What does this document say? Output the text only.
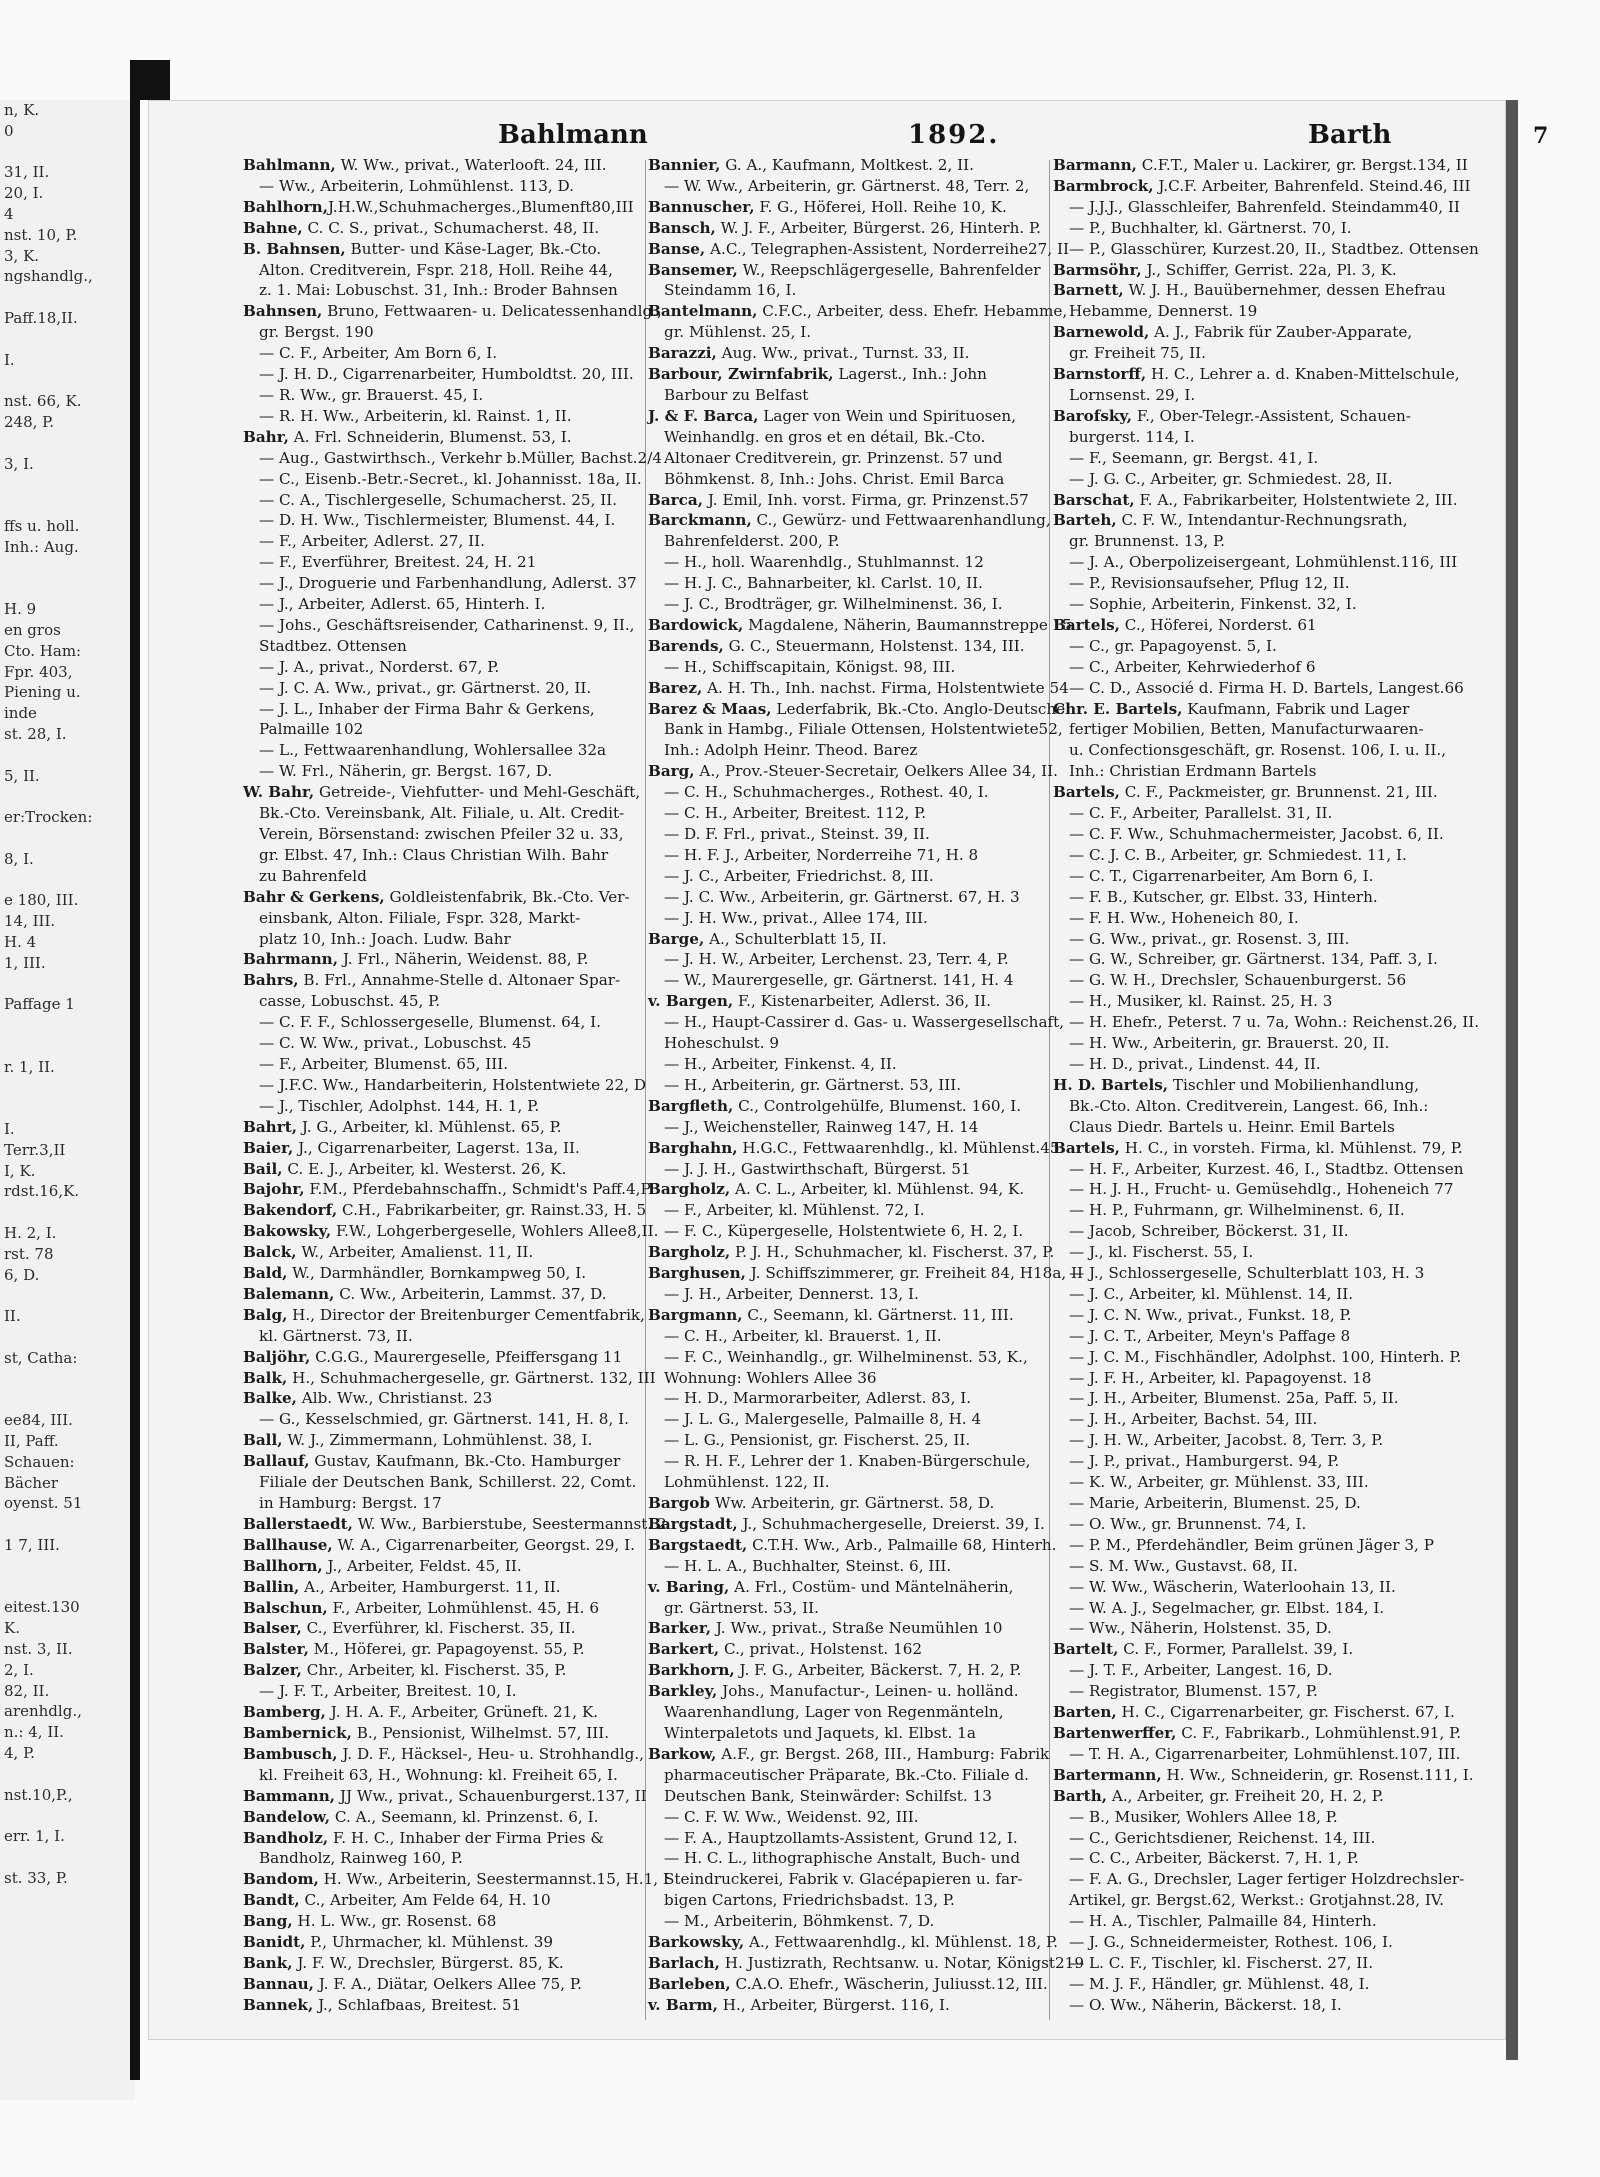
n, K.
0

31, II.
20, I.
4
nst. 10, P.
3, K.
ngshandlg.,

Paff.18,II.

I.

nst. 66, K.
248, P.

3, I.

ffs u. holl.
Inh.: Aug.

H. 9
en gros
Cto. Ham:
Fpr. 403,
Piening u.
inde
st. 28, I.

5, II.

er:Trocken:

8, I.

e 180, III.
14, III.
H. 4
1, III.

Paffage 1

r. 1, II.

I.
Terr.3,II
I, K.
rdst.16,K.

H. 2, I.
rst. 78
6, D.

II.

st, Catha:

ee84, III.
II, Paff.
Schauen:
Bächer
oyenst. 51

1 7, III.

eitest.130
K.
nst. 3, II.
2, I.
82, II.
arenhdlg.,
n.: 4, II.
4, P.

nst.10,P.,

err. 1, I.

st. 33, P.
Bahlmann	1892.	Barth	7
Bahlmann, W. Ww., privat., Waterlooft. 24, III.
— Ww., Arbeiterin, Lohmühlenst. 113, D.
Bahlhorn,J.H.W.,Schuhmacherges.,Blumenft80,III
Bahne, C. C. S., privat., Schumacherst. 48, II.
B. Bahnsen, Butter- und Käse-Lager, Bk.-Cto.
Alton. Creditverein, Fspr. 218, Holl. Reihe 44,
z. 1. Mai: Lobuschst. 31, Inh.: Broder Bahnsen
Bahnsen, Bruno, Fettwaaren- u. Delicatessenhandlg.,
gr. Bergst. 190
— C. F., Arbeiter, Am Born 6, I.
— J. H. D., Cigarrenarbeiter, Humboldtst. 20, III.
— R. Ww., gr. Brauerst. 45, I.
— R. H. Ww., Arbeiterin, kl. Rainst. 1, II.
Bahr, A. Frl. Schneiderin, Blumenst. 53, I.
— Aug., Gastwirthsch., Verkehr b.Müller, Bachst.2/4
— C., Eisenb.-Betr.-Secret., kl. Johannisst. 18a, II.
— C. A., Tischlergeselle, Schumacherst. 25, II.
— D. H. Ww., Tischlermeister, Blumenst. 44, I.
— F., Arbeiter, Adlerst. 27, II.
— F., Everführer, Breitest. 24, H. 21
— J., Droguerie und Farbenhandlung, Adlerst. 37
— J., Arbeiter, Adlerst. 65, Hinterh. I.
— Johs., Geschäftsreisender, Catharinenst. 9, II.,
Stadtbez. Ottensen
— J. A., privat., Norderst. 67, P.
— J. C. A. Ww., privat., gr. Gärtnerst. 20, II.
— J. L., Inhaber der Firma Bahr & Gerkens,
Palmaille 102
— L., Fettwaarenhandlung, Wohlersallee 32a
— W. Frl., Näherin, gr. Bergst. 167, D.
W. Bahr, Getreide-, Viehfutter- und Mehl-Geschäft,
Bk.-Cto. Vereinsbank, Alt. Filiale, u. Alt. Credit-
Verein, Börsenstand: zwischen Pfeiler 32 u. 33,
gr. Elbst. 47, Inh.: Claus Christian Wilh. Bahr
zu Bahrenfeld
Bahr & Gerkens, Goldleistenfabrik, Bk.-Cto. Ver-
einsbank, Alton. Filiale, Fspr. 328, Markt-
platz 10, Inh.: Joach. Ludw. Bahr
Bahrmann, J. Frl., Näherin, Weidenst. 88, P.
Bahrs, B. Frl., Annahme-Stelle d. Altonaer Spar-
casse, Lobuschst. 45, P.
— C. F. F., Schlossergeselle, Blumenst. 64, I.
— C. W. Ww., privat., Lobuschst. 45
— F., Arbeiter, Blumenst. 65, III.
— J.F.C. Ww., Handarbeiterin, Holstentwiete 22, D
— J., Tischler, Adolphst. 144, H. 1, P.
Bahrt, J. G., Arbeiter, kl. Mühlenst. 65, P.
Baier, J., Cigarrenarbeiter, Lagerst. 13a, II.
Bail, C. E. J., Arbeiter, kl. Westerst. 26, K.
Bajohr, F.M., Pferdebahnschaffn., Schmidt's Paff.4,P
Bakendorf, C.H., Fabrikarbeiter, gr. Rainst.33, H. 5
Bakowsky, F.W., Lohgerbergeselle, Wohlers Allee8,II.
Balck, W., Arbeiter, Amalienst. 11, II.
Bald, W., Darmhändler, Bornkampweg 50, I.
Balemann, C. Ww., Arbeiterin, Lammst. 37, D.
Balg, H., Director der Breitenburger Cementfabrik,
kl. Gärtnerst. 73, II.
Baljöhr, C.G.G., Maurergeselle, Pfeiffersgang 11
Balk, H., Schuhmachergeselle, gr. Gärtnerst. 132, III
Balke, Alb. Ww., Christianst. 23
— G., Kesselschmied, gr. Gärtnerst. 141, H. 8, I.
Ball, W. J., Zimmermann, Lohmühlenst. 38, I.
Ballauf, Gustav, Kaufmann, Bk.-Cto. Hamburger
Filiale der Deutschen Bank, Schillerst. 22, Comt.
in Hamburg: Bergst. 17
Ballerstaedt, W. Ww., Barbierstube, Seestermannst. 2
Ballhause, W. A., Cigarrenarbeiter, Georgst. 29, I.
Ballhorn, J., Arbeiter, Feldst. 45, II.
Ballin, A., Arbeiter, Hamburgerst. 11, II.
Balschun, F., Arbeiter, Lohmühlenst. 45, H. 6
Balser, C., Everführer, kl. Fischerst. 35, II.
Balster, M., Höferei, gr. Papagoyenst. 55, P.
Balzer, Chr., Arbeiter, kl. Fischerst. 35, P.
— J. F. T., Arbeiter, Breitest. 10, I.
Bamberg, J. H. A. F., Arbeiter, Grüneft. 21, K.
Bambernick, B., Pensionist, Wilhelmst. 57, III.
Bambusch, J. D. F., Häcksel-, Heu- u. Strohhandlg.,
kl. Freiheit 63, H., Wohnung: kl. Freiheit 65, I.
Bammann, JJ Ww., privat., Schauenburgerst.137, II
Bandelow, C. A., Seemann, kl. Prinzenst. 6, I.
Bandholz, F. H. C., Inhaber der Firma Pries &
Bandholz, Rainweg 160, P.
Bandom, H. Ww., Arbeiterin, Seestermannst.15, H.1, I
Bandt, C., Arbeiter, Am Felde 64, H. 10
Bang, H. L. Ww., gr. Rosenst. 68
Banidt, P., Uhrmacher, kl. Mühlenst. 39
Bank, J. F. W., Drechsler, Bürgerst. 85, K.
Bannau, J. F. A., Diätar, Oelkers Allee 75, P.
Bannek, J., Schlafbaas, Breitest. 51
Bannier, G. A., Kaufmann, Moltkest. 2, II.
— W. Ww., Arbeiterin, gr. Gärtnerst. 48, Terr. 2,
Bannuscher, F. G., Höferei, Holl. Reihe 10, K.
Bansch, W. J. F., Arbeiter, Bürgerst. 26, Hinterh. P.
Banse, A.C., Telegraphen-Assistent, Norderreihe27, II
Bansemer, W., Reepschlägergeselle, Bahrenfelder
Steindamm 16, I.
Bantelmann, C.F.C., Arbeiter, dess. Ehefr. Hebamme,
gr. Mühlenst. 25, I.
Barazzi, Aug. Ww., privat., Turnst. 33, II.
Barbour, Zwirnfabrik, Lagerst., Inh.: John
Barbour zu Belfast
J. & F. Barca, Lager von Wein und Spirituosen,
Weinhandlg. en gros et en détail, Bk.-Cto.
Altonaer Creditverein, gr. Prinzenst. 57 und
Böhmkenst. 8, Inh.: Johs. Christ. Emil Barca
Barca, J. Emil, Inh. vorst. Firma, gr. Prinzenst.57
Barckmann, C., Gewürz- und Fettwaarenhandlung,
Bahrenfelderst. 200, P.
— H., holl. Waarenhdlg., Stuhlmannst. 12
— H. J. C., Bahnarbeiter, kl. Carlst. 10, II.
— J. C., Brodträger, gr. Wilhelminenst. 36, I.
Bardowick, Magdalene, Näherin, Baumannstreppe 15
Barends, G. C., Steuermann, Holstenst. 134, III.
— H., Schiffscapitain, Königst. 98, III.
Barez, A. H. Th., Inh. nachst. Firma, Holstentwiete 54
Barez & Maas, Lederfabrik, Bk.-Cto. Anglo-Deutsche
Bank in Hambg., Filiale Ottensen, Holstentwiete52,
Inh.: Adolph Heinr. Theod. Barez
Barg, A., Prov.-Steuer-Secretair, Oelkers Allee 34, II.
— C. H., Schuhmacherges., Rothest. 40, I.
— C. H., Arbeiter, Breitest. 112, P.
— D. F. Frl., privat., Steinst. 39, II.
— H. F. J., Arbeiter, Norderreihe 71, H. 8
— J. C., Arbeiter, Friedrichst. 8, III.
— J. C. Ww., Arbeiterin, gr. Gärtnerst. 67, H. 3
— J. H. Ww., privat., Allee 174, III.
Barge, A., Schulterblatt 15, II.
— J. H. W., Arbeiter, Lerchenst. 23, Terr. 4, P.
— W., Maurergeselle, gr. Gärtnerst. 141, H. 4
v. Bargen, F., Kistenarbeiter, Adlerst. 36, II.
— H., Haupt-Cassirer d. Gas- u. Wassergesellschaft,
Hoheschulst. 9
— H., Arbeiter, Finkenst. 4, II.
— H., Arbeiterin, gr. Gärtnerst. 53, III.
Bargfleth, C., Controlgehülfe, Blumenst. 160, I.
— J., Weichensteller, Rainweg 147, H. 14
Barghahn, H.G.C., Fettwaarenhdlg., kl. Mühlenst.45
— J. J. H., Gastwirthschaft, Bürgerst. 51
Bargholz, A. C. L., Arbeiter, kl. Mühlenst. 94, K.
— F., Arbeiter, kl. Mühlenst. 72, I.
— F. C., Küpergeselle, Holstentwiete 6, H. 2, I.
Bargholz, P. J. H., Schuhmacher, kl. Fischerst. 37, P.
Barghusen, J. Schiffszimmerer, gr. Freiheit 84, H18a, II
— J. H., Arbeiter, Dennerst. 13, I.
Bargmann, C., Seemann, kl. Gärtnerst. 11, III.
— C. H., Arbeiter, kl. Brauerst. 1, II.
— F. C., Weinhandlg., gr. Wilhelminenst. 53, K.,
Wohnung: Wohlers Allee 36
— H. D., Marmorarbeiter, Adlerst. 83, I.
— J. L. G., Malergeselle, Palmaille 8, H. 4
— L. G., Pensionist, gr. Fischerst. 25, II.
— R. H. F., Lehrer der 1. Knaben-Bürgerschule,
Lohmühlenst. 122, II.
Bargob Ww. Arbeiterin, gr. Gärtnerst. 58, D.
Bargstadt, J., Schuhmachergeselle, Dreierst. 39, I.
Bargstaedt, C.T.H. Ww., Arb., Palmaille 68, Hinterh.
— H. L. A., Buchhalter, Steinst. 6, III.
v. Baring, A. Frl., Costüm- und Mäntelnäherin,
gr. Gärtnerst. 53, II.
Barker, J. Ww., privat., Straße Neumühlen 10
Barkert, C., privat., Holstenst. 162
Barkhorn, J. F. G., Arbeiter, Bäckerst. 7, H. 2, P.
Barkley, Johs., Manufactur-, Leinen- u. holländ.
Waarenhandlung, Lager von Regenmänteln,
Winterpaletots und Jaquets, kl. Elbst. 1a
Barkow, A.F., gr. Bergst. 268, III., Hamburg: Fabrik
pharmaceutischer Präparate, Bk.-Cto. Filiale d.
Deutschen Bank, Steinwärder: Schilfst. 13
— C. F. W. Ww., Weidenst. 92, III.
— F. A., Hauptzollamts-Assistent, Grund 12, I.
— H. C. L., lithographische Anstalt, Buch- und
Steindruckerei, Fabrik v. Glacépapieren u. far-
bigen Cartons, Friedrichsbadst. 13, P.
— M., Arbeiterin, Böhmkenst. 7, D.
Barkowsky, A., Fettwaarenhdlg., kl. Mühlenst. 18, P.
Barlach, H. Justizrath, Rechtsanw. u. Notar, Königst219
Barleben, C.A.O. Ehefr., Wäscherin, Juliusst.12, III.
v. Barm, H., Arbeiter, Bürgerst. 116, I.
Barmann, C.F.T., Maler u. Lackirer, gr. Bergst.134, II
Barmbrock, J.C.F. Arbeiter, Bahrenfeld. Steind.46, III
— J.J.J., Glasschleifer, Bahrenfeld. Steindamm40, II
— P., Buchhalter, kl. Gärtnerst. 70, I.
— P., Glasschürer, Kurzest.20, II., Stadtbez. Ottensen
Barmsöhr, J., Schiffer, Gerrist. 22a, Pl. 3, K.
Barnett, W. J. H., Bauübernehmer, dessen Ehefrau
Hebamme, Dennerst. 19
Barnewold, A. J., Fabrik für Zauber-Apparate,
gr. Freiheit 75, II.
Barnstorff, H. C., Lehrer a. d. Knaben-Mittelschule,
Lornsenst. 29, I.
Barofsky, F., Ober-Telegr.-Assistent, Schauen-
burgerst. 114, I.
— F., Seemann, gr. Bergst. 41, I.
— J. G. C., Arbeiter, gr. Schmiedest. 28, II.
Barschat, F. A., Fabrikarbeiter, Holstentwiete 2, III.
Barteh, C. F. W., Intendantur-Rechnungsrath,
gr. Brunnenst. 13, P.
— J. A., Oberpolizeisergeant, Lohmühlenst.116, III
— P., Revisionsaufseher, Pflug 12, II.
— Sophie, Arbeiterin, Finkenst. 32, I.
Bartels, C., Höferei, Norderst. 61
— C., gr. Papagoyenst. 5, I.
— C., Arbeiter, Kehrwiederhof 6
— C. D., Associé d. Firma H. D. Bartels, Langest.66
Chr. E. Bartels, Kaufmann, Fabrik und Lager
fertiger Mobilien, Betten, Manufacturwaaren-
u. Confectionsgeschäft, gr. Rosenst. 106, I. u. II.,
Inh.: Christian Erdmann Bartels
Bartels, C. F., Packmeister, gr. Brunnenst. 21, III.
— C. F., Arbeiter, Parallelst. 31, II.
— C. F. Ww., Schuhmachermeister, Jacobst. 6, II.
— C. J. C. B., Arbeiter, gr. Schmiedest. 11, I.
— C. T., Cigarrenarbeiter, Am Born 6, I.
— F. B., Kutscher, gr. Elbst. 33, Hinterh.
— F. H. Ww., Hoheneich 80, I.
— G. Ww., privat., gr. Rosenst. 3, III.
— G. W., Schreiber, gr. Gärtnerst. 134, Paff. 3, I.
— G. W. H., Drechsler, Schauenburgerst. 56
— H., Musiker, kl. Rainst. 25, H. 3
— H. Ehefr., Peterst. 7 u. 7a, Wohn.: Reichenst.26, II.
— H. Ww., Arbeiterin, gr. Brauerst. 20, II.
— H. D., privat., Lindenst. 44, II.
H. D. Bartels, Tischler und Mobilienhandlung,
Bk.-Cto. Alton. Creditverein, Langest. 66, Inh.:
Claus Diedr. Bartels u. Heinr. Emil Bartels
Bartels, H. C., in vorsteh. Firma, kl. Mühlenst. 79, P.
— H. F., Arbeiter, Kurzest. 46, I., Stadtbz. Ottensen
— H. J. H., Frucht- u. Gemüsehdlg., Hoheneich 77
— H. P., Fuhrmann, gr. Wilhelminenst. 6, II.
— Jacob, Schreiber, Böckerst. 31, II.
— J., kl. Fischerst. 55, I.
— J., Schlossergeselle, Schulterblatt 103, H. 3
— J. C., Arbeiter, kl. Mühlenst. 14, II.
— J. C. N. Ww., privat., Funkst. 18, P.
— J. C. T., Arbeiter, Meyn's Paffage 8
— J. C. M., Fischhändler, Adolphst. 100, Hinterh. P.
— J. F. H., Arbeiter, kl. Papagoyenst. 18
— J. H., Arbeiter, Blumenst. 25a, Paff. 5, II.
— J. H., Arbeiter, Bachst. 54, III.
— J. H. W., Arbeiter, Jacobst. 8, Terr. 3, P.
— J. P., privat., Hamburgerst. 94, P.
— K. W., Arbeiter, gr. Mühlenst. 33, III.
— Marie, Arbeiterin, Blumenst. 25, D.
— O. Ww., gr. Brunnenst. 74, I.
— P. M., Pferdehändler, Beim grünen Jäger 3, P
— S. M. Ww., Gustavst. 68, II.
— W. Ww., Wäscherin, Waterloohain 13, II.
— W. A. J., Segelmacher, gr. Elbst. 184, I.
— Ww., Näherin, Holstenst. 35, D.
Bartelt, C. F., Former, Parallelst. 39, I.
— J. T. F., Arbeiter, Langest. 16, D.
— Registrator, Blumenst. 157, P.
Barten, H. C., Cigarrenarbeiter, gr. Fischerst. 67, I.
Bartenwerffer, C. F., Fabrikarb., Lohmühlenst.91, P.
— T. H. A., Cigarrenarbeiter, Lohmühlenst.107, III.
Bartermann, H. Ww., Schneiderin, gr. Rosenst.111, I.
Barth, A., Arbeiter, gr. Freiheit 20, H. 2, P.
— B., Musiker, Wohlers Allee 18, P.
— C., Gerichtsdiener, Reichenst. 14, III.
— C. C., Arbeiter, Bäckerst. 7, H. 1, P.
— F. A. G., Drechsler, Lager fertiger Holzdrechsler-
Artikel, gr. Bergst.62, Werkst.: Grotjahnst.28, IV.
— H. A., Tischler, Palmaille 84, Hinterh.
— J. G., Schneidermeister, Rothest. 106, I.
— L. C. F., Tischler, kl. Fischerst. 27, II.
— M. J. F., Händler, gr. Mühlenst. 48, I.
— O. Ww., Näherin, Bäckerst. 18, I.
